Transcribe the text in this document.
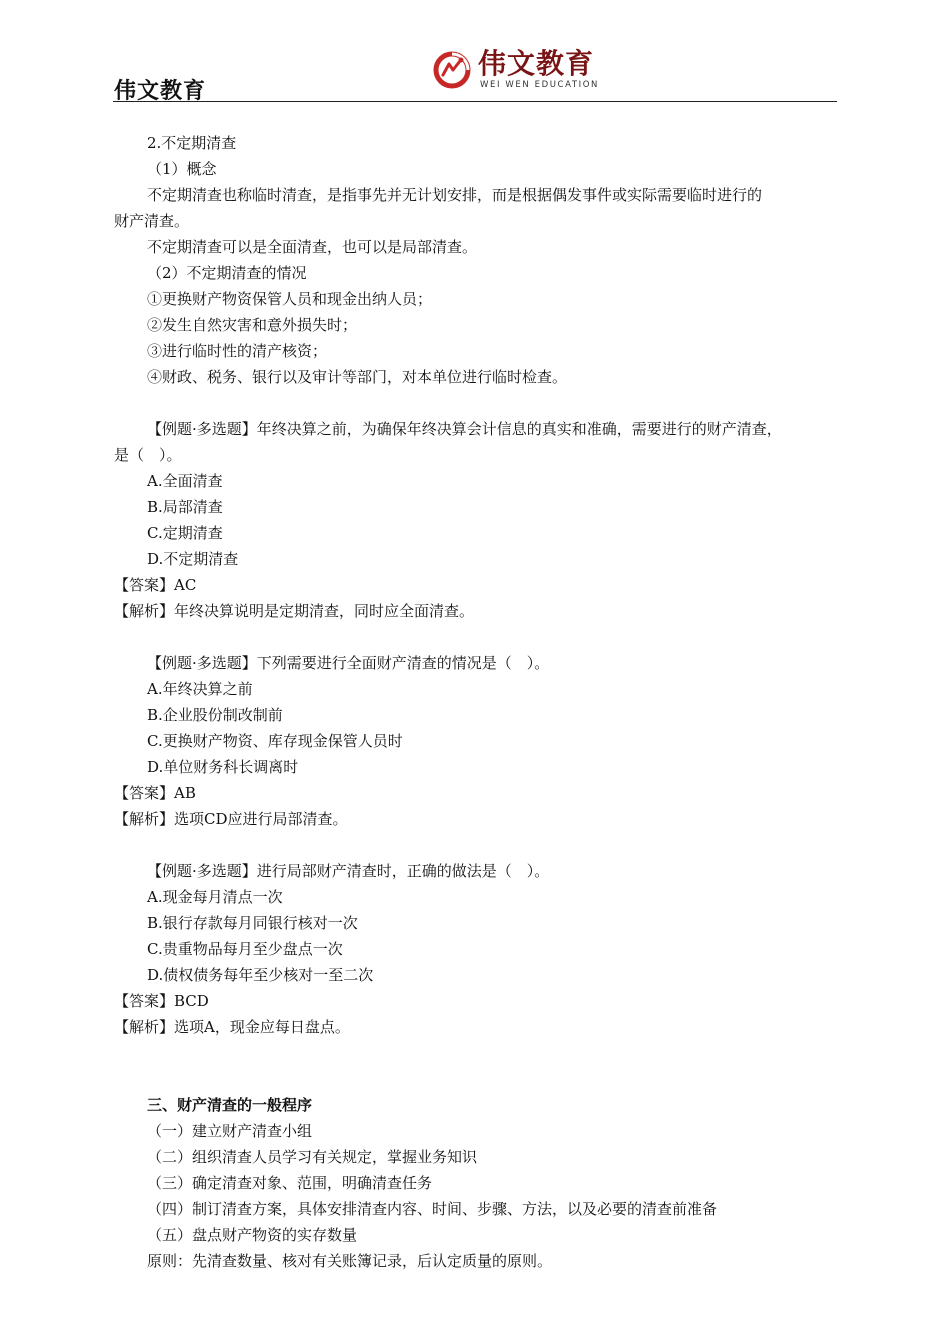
伟文教育
伟文教育
WEI WEN EDUCATION
2.不定期清查
（1）概念
不定期清查也称临时清查，是指事先并无计划安排，而是根据偶发事件或实际需要临时进行的
财产清查。
不定期清查可以是全面清查，也可以是局部清查。
（2）不定期清查的情况
①更换财产物资保管人员和现金出纳人员；
②发生自然灾害和意外损失时；
③进行临时性的清产核资；
④财政、税务、银行以及审计等部门，对本单位进行临时检查。
【例题·多选题】年终决算之前，为确保年终决算会计信息的真实和准确，需要进行的财产清查，
是（　）。
A.全面清查
B.局部清查
C.定期清查
D.不定期清查
【答案】AC
【解析】年终决算说明是定期清查，同时应全面清查。
【例题·多选题】下列需要进行全面财产清查的情况是（　）。
A.年终决算之前
B.企业股份制改制前
C.更换财产物资、库存现金保管人员时
D.单位财务科长调离时
【答案】AB
【解析】选项CD应进行局部清查。
【例题·多选题】进行局部财产清查时，正确的做法是（　）。
A.现金每月清点一次
B.银行存款每月同银行核对一次
C.贵重物品每月至少盘点一次
D.债权债务每年至少核对一至二次
【答案】BCD
【解析】选项A，现金应每日盘点。
三、财产清查的一般程序
（一）建立财产清查小组
（二）组织清查人员学习有关规定，掌握业务知识
（三）确定清查对象、范围，明确清查任务
（四）制订清查方案，具体安排清查内容、时间、步骤、方法，以及必要的清查前准备
（五）盘点财产物资的实存数量
原则：先清查数量、核对有关账簿记录，后认定质量的原则。
